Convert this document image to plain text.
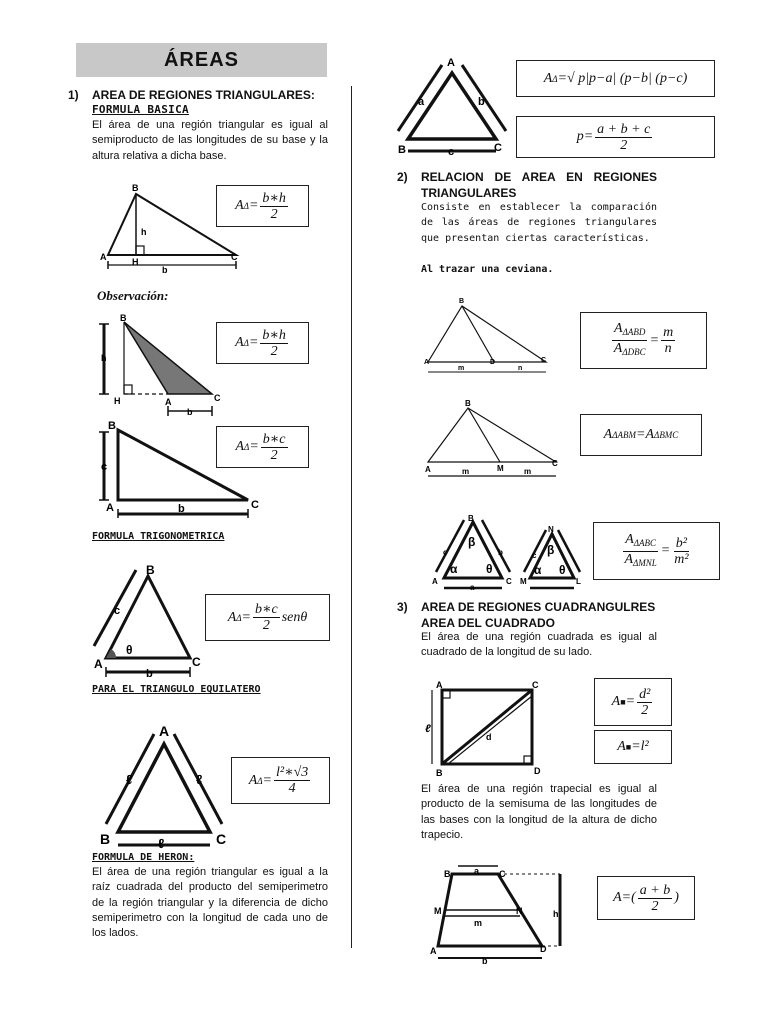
ÁREAS
1) AREA DE REGIONES TRIANGULARES:
FORMULA BASICA
El área de una región triangular es igual al semiproducto de las longitudes de su base y la altura relativa a dicha base.
B
A	C
H
h
b
A $\Delta = \frac{b∗h}{2}$
Observación:
B
h
H	A	C
b
A $\Delta = \frac{b∗h}{2}$
B
c
A	C
b
A $\Delta = \frac{b∗c}{2}$
FORMULA TRIGONOMETRICA
B
c
θ
A	C
b
A $\Delta = \frac{b∗c}{2}$ sen θ
PARA EL TRIANGULO EQUILATERO
A
ℓ	ℓ
B	C
ℓ
A $\Delta = \frac{\text{l²∗√3}}{4}$
FORMULA DE HERON:
El área de una región triangular es igual a la raíz cuadrada del producto del semiperimetro de la región triangular y la diferencia de dicho semiperimetro con la longitud de cada uno de los lados.
A
a	b
B	C
c
A Δ = √ p|p−a| (p−b| (p−c)
$p = \frac{a + b + c}{2}$
2) RELACION DE AREA EN REGIONES TRIANGULARES
Consiste en establecer la comparación de las áreas de regiones triangulares que presentan ciertas características.
Al trazar una ceviana.
B
A	D	C
m	n
$\frac{A_{\Delta ABD}}{A_{\Delta DBC}} = \frac{m}{n}$
B
A	M
C
m	m
A ΔABM = A ΔBMC
B
β
α θ
A	C
a
c	b
N
β
α θ
M	L
c	$\frac{A_{\Delta ABC}}{A_{\Delta MNL}} = \frac{\text{b²}}{\text{m²}}$
3) AREA DE REGIONES CUADRANGULRES
AREA DEL CUADRADO
El área de una región cuadrada es igual al cuadrado de la longitud de su lado.
A	C
B	D
d
ℓ
A ■ = $\frac{\text{d²}}{2}$
A ■ = l²
El área de una región trapecial es igual al producto de la semisuma de las longitudes de las bases con la longitud de la altura de dicho trapecio.
B	a C
M	N
m
h
A	D
b
$A=( \frac{a + b}{2}$ )
